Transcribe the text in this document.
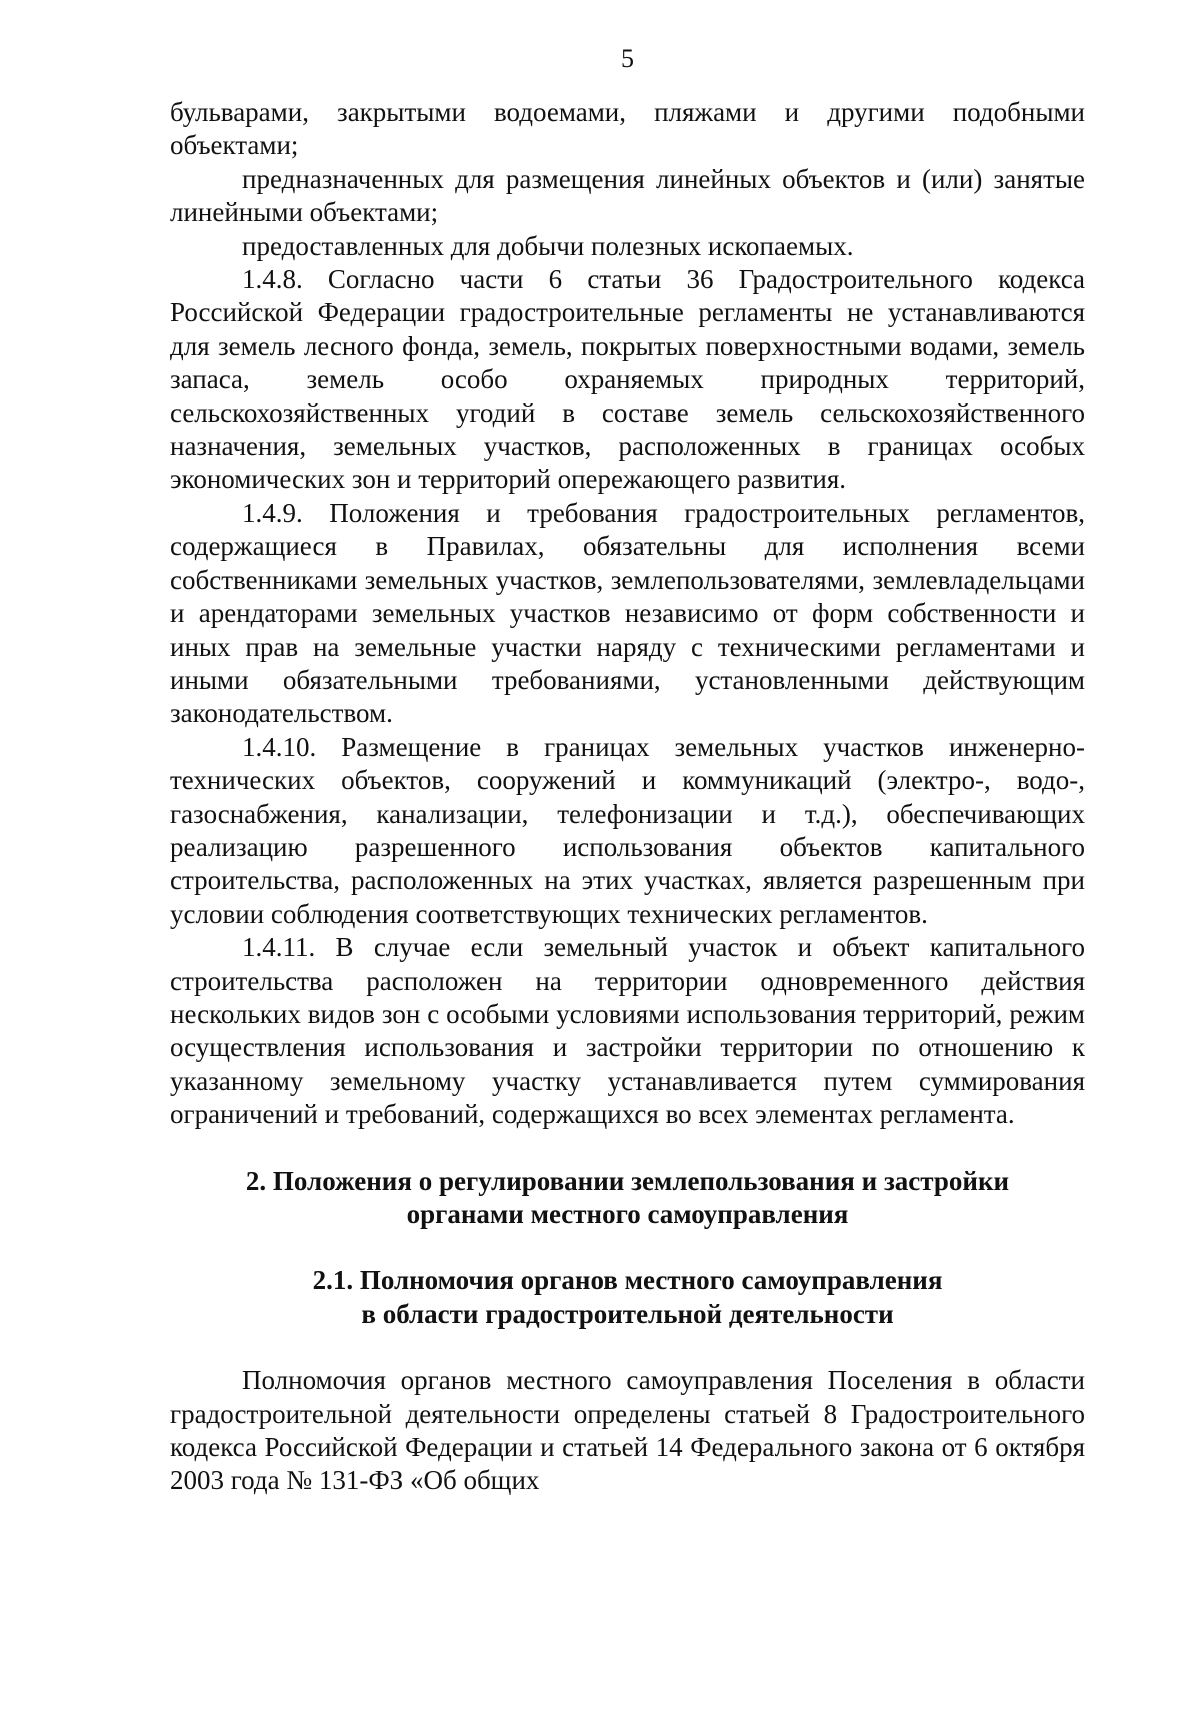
5

бульварами, закрытыми водоемами, пляжами и другими подобными объектами;

предназначенных для размещения линейных объектов и (или) занятые линейными объектами;

предоставленных для добычи полезных ископаемых.

1.4.8. Согласно части 6 статьи 36 Градостроительного кодекса Российской Федерации градостроительные регламенты не устанавливаются для земель лесного фонда, земель, покрытых поверхностными водами, земель запаса, земель особо охраняемых природных территорий, сельскохозяйственных угодий в составе земель сельскохозяйственного назначения, земельных участков, расположенных в границах особых экономических зон и территорий опережающего развития.

1.4.9. Положения и требования градостроительных регламентов, содержащиеся в Правилах, обязательны для исполнения всеми собственниками земельных участков, землепользователями, землевладельцами и арендаторами земельных участков независимо от форм собственности и иных прав на земельные участки наряду с техническими регламентами и иными обязательными требованиями, установленными действующим законодательством.

1.4.10. Размещение в границах земельных участков инженерно-технических объектов, сооружений и коммуникаций (электро-, водо-, газоснабжения, канализации, телефонизации и т.д.), обеспечивающих реализацию разрешенного использования объектов капитального строительства, расположенных на этих участках, является разрешенным при условии соблюдения соответствующих технических регламентов.

1.4.11. В случае если земельный участок и объект капитального строительства расположен на территории одновременного действия нескольких видов зон с особыми условиями использования территорий, режим осуществления использования и застройки территории по отношению к указанному земельному участку устанавливается путем суммирования ограничений и требований, содержащихся во всех элементах регламента.

2. Положения о регулировании землепользования и застройки

органами местного самоуправления

2.1. Полномочия органов местного самоуправления

в области градостроительной деятельности

Полномочия органов местного самоуправления Поселения в области градостроительной деятельности определены статьей 8 Градостроительного кодекса Российской Федерации и статьей 14 Федерального закона от 6 октября 2003 года № 131-ФЗ «Об общих
